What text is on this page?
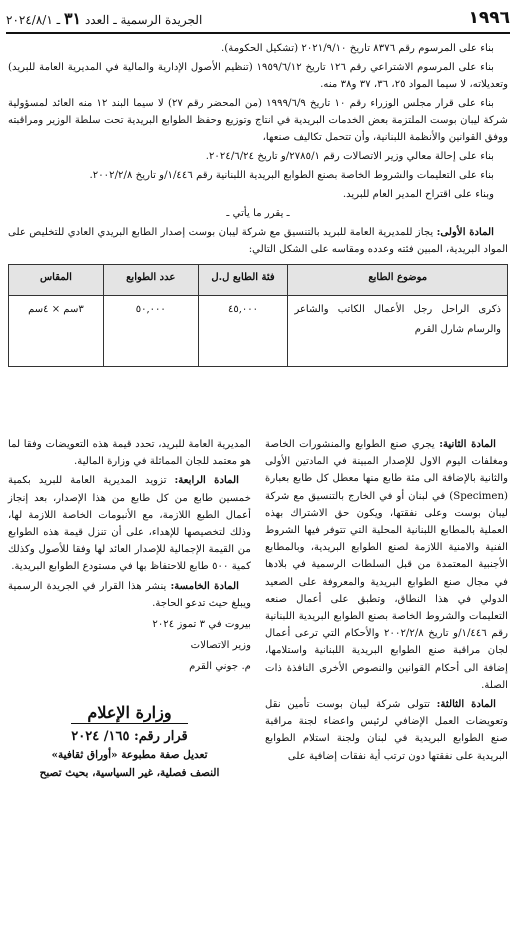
١٩٩٦
الجريدة الرسمية ـ العدد ٣١ ـ ٢٠٢٤/٨/١

بناء على المرسوم رقم ٨٣٧٦ تاريخ ٢٠٢١/٩/١٠ (تشكيل الحكومة).

بناء على المرسوم الاشتراعي رقم ١٢٦ تاريخ ١٩٥٩/٦/١٢ (تنظيم الأصول الإدارية والمالية في المديرية العامة للبريد) وتعديلاته، لا سيما المواد ٢٥، ٣٦، ٣٧ و٣٨ منه.

بناء على قرار مجلس الوزراء رقم ١٠ تاريخ ١٩٩٩/٦/٩ (من المحضر رقم ٢٧) لا سيما البند ١٢ منه العائد لمسؤولية شركة ليبان بوست الملتزمة بعض الخدمات البريدية في انتاج وتوزيع وحفظ الطوابع البريدية تحت سلطة الوزير ومراقبته ووفق القوانين والأنظمة اللبنانية، وأن تتحمل تكاليف صنعها،

بناء على إحالة معالي وزير الاتصالات رقم ٢٧٨٥/١/و تاريخ ٢٠٢٤/٦/٢٤.

بناء على التعليمات والشروط الخاصة بصنع الطوابع البريدية اللبنانية رقم ١/٤٤٦/و تاريخ ٢٠٠٢/٢/٨.

وبناء على اقتراح المدير العام للبريد.

ـ يقرر ما يأتي ـ

المادة الأولى: يجاز للمديرية العامة للبريد بالتنسيق مع شركة ليبان بوست إصدار الطابع البريدي العادي للتخليص على المواد البريدية، المبين فئته وعدده ومقاسه على الشكل التالي:

موضوع الطابع	فئة الطابع ل.ل	عدد الطوابع	المقاس
ذكرى الراحل رجل الأعمال الكاتب والشاعر والرسام شارل القرم	٤٥,٠٠٠	٥٠,٠٠٠	٣سم × ٤سم

المادة الثانية: يجري صنع الطوابع والمنشورات الخاصة ومغلفات اليوم الاول للإصدار المبينة في المادتين الأولى والثانية بالإضافة الى مئة طابع منها معطل كل طابع بعبارة (Specimen) في لبنان أو في الخارج بالتنسيق مع شركة ليبان بوست وعلى نفقتها، ويكون حق الاشتراك بهذه العملية بالمطابع اللبنانية المحلية التي تتوفر فيها الشروط الفنية والامنية اللازمة لصنع الطوابع البريدية، وبالمطابع الأجنبية المعتمدة من قبل السلطات الرسمية في بلادها في مجال صنع الطوابع البريدية والمعروفة على الصعيد الدولي في هذا النطاق، وتطبق على أعمال صنعه التعليمات والشروط الخاصة بصنع الطوابع البريدية اللبنانية رقم ١/٤٤٦/و تاريخ ٢٠٠٢/٢/٨ والأحكام التي ترعى أعمال لجان مراقبة صنع الطوابع البريدية اللبنانية واستلامها، إضافة الى أحكام القوانين والنصوص الأخرى النافذة ذات الصلة.

المادة الثالثة: تتولى شركة ليبان بوست تأمين نقل وتعويضات العمل الإضافي لرئيس واعضاء لجنة مراقبة صنع الطوابع البريدية في لبنان ولجنة استلام الطوابع البريدية على نفقتها دون ترتب أية نفقات إضافية على

المديرية العامة للبريد، تحدد قيمة هذه التعويضات وفقا لما هو معتمد للجان المماثلة في وزارة المالية.

المادة الرابعة: تزويد المديرية العامة للبريد بكمية خمسين طابع من كل طابع من هذا الإصدار، بعد إنجاز أعمال الطبع اللازمة، مع الأنبومات الخاصة اللازمة لها، وذلك لتخصيصها للإهداء، على أن تنزل قيمة هذه الطوابع من القيمة الإجمالية للإصدار العائد لها وفقا للأصول وكذلك كمية ٥٠٠ طابع للاحتفاظ بها في مستودع الطوابع البريدية.

المادة الخامسة: ينشر هذا القرار في الجريدة الرسمية ويبلغ حيث تدعو الحاجة.

بيروت في ٣ تموز ٢٠٢٤

وزير الاتصالات

م. جوني القرم

وزارة الإعلام
قرار رقم: ١٦٥/ ٢٠٢٤
تعديل صفة مطبوعة «أوراق ثقافية»
النصف فصلية، غير السياسية، بحيث تصبح
